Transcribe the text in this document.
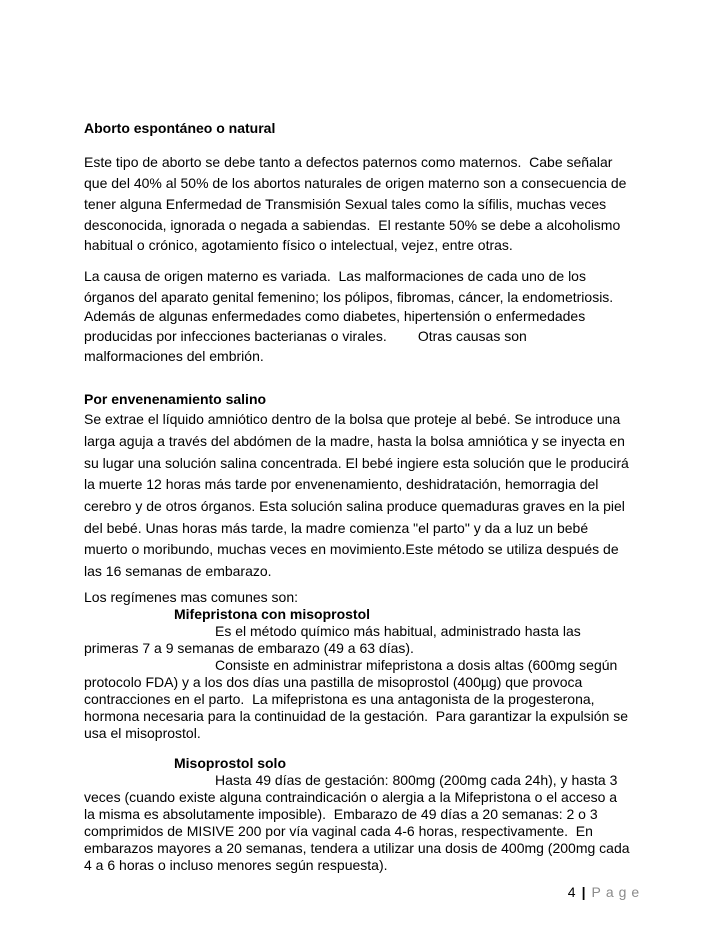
Aborto espontáneo o natural
Este tipo de aborto se debe tanto a defectos paternos como maternos.  Cabe señalar
que del 40% al 50% de los abortos naturales de origen materno son a consecuencia de
tener alguna Enfermedad de Transmisión Sexual tales como la sífilis, muchas veces
desconocida, ignorada o negada a sabiendas.  El restante 50% se debe a alcoholismo
habitual o crónico, agotamiento físico o intelectual, vejez, entre otras.
La causa de origen materno es variada.  Las malformaciones de cada uno de los
órganos del aparato genital femenino; los pólipos, fibromas, cáncer, la endometriosis.
Además de algunas enfermedades como diabetes, hipertensión o enfermedades
producidas por infecciones bacterianas o virales.        Otras causas son
malformaciones del embrión.
Por envenenamiento salino
Se extrae el líquido amniótico dentro de la bolsa que proteje al bebé. Se introduce una
larga aguja a través del abdómen de la madre, hasta la bolsa amniótica y se inyecta en
su lugar una solución salina concentrada. El bebé ingiere esta solución que le producirá
la muerte 12 horas más tarde por envenenamiento, deshidratación, hemorragia del
cerebro y de otros órganos. Esta solución salina produce quemaduras graves en la piel
del bebé. Unas horas más tarde, la madre comienza "el parto" y da a luz un bebé
muerto o moribundo, muchas veces en movimiento.Este método se utiliza después de
las 16 semanas de embarazo.
Los regímenes mas comunes son:
Mifepristona con misoprostol
Es el método químico más habitual, administrado hasta las
primeras 7 a 9 semanas de embarazo (49 a 63 días).
Consiste en administrar mifepristona a dosis altas (600mg según
protocolo FDA) y a los dos días una pastilla de misoprostol (400µg) que provoca
contracciones en el parto.  La mifepristona es una antagonista de la progesterona,
hormona necesaria para la continuidad de la gestación.  Para garantizar la expulsión se
usa el misoprostol.
Misoprostol solo
Hasta 49 días de gestación: 800mg (200mg cada 24h), y hasta 3
veces (cuando existe alguna contraindicación o alergia a la Mifepristona o el acceso a
la misma es absolutamente imposible).  Embarazo de 49 días a 20 semanas: 2 o 3
comprimidos de MISIVE 200 por vía vaginal cada 4-6 horas, respectivamente.  En
embarazos mayores a 20 semanas, tendera a utilizar una dosis de 400mg (200mg cada
4 a 6 horas o incluso menores según respuesta).

4 | Page
